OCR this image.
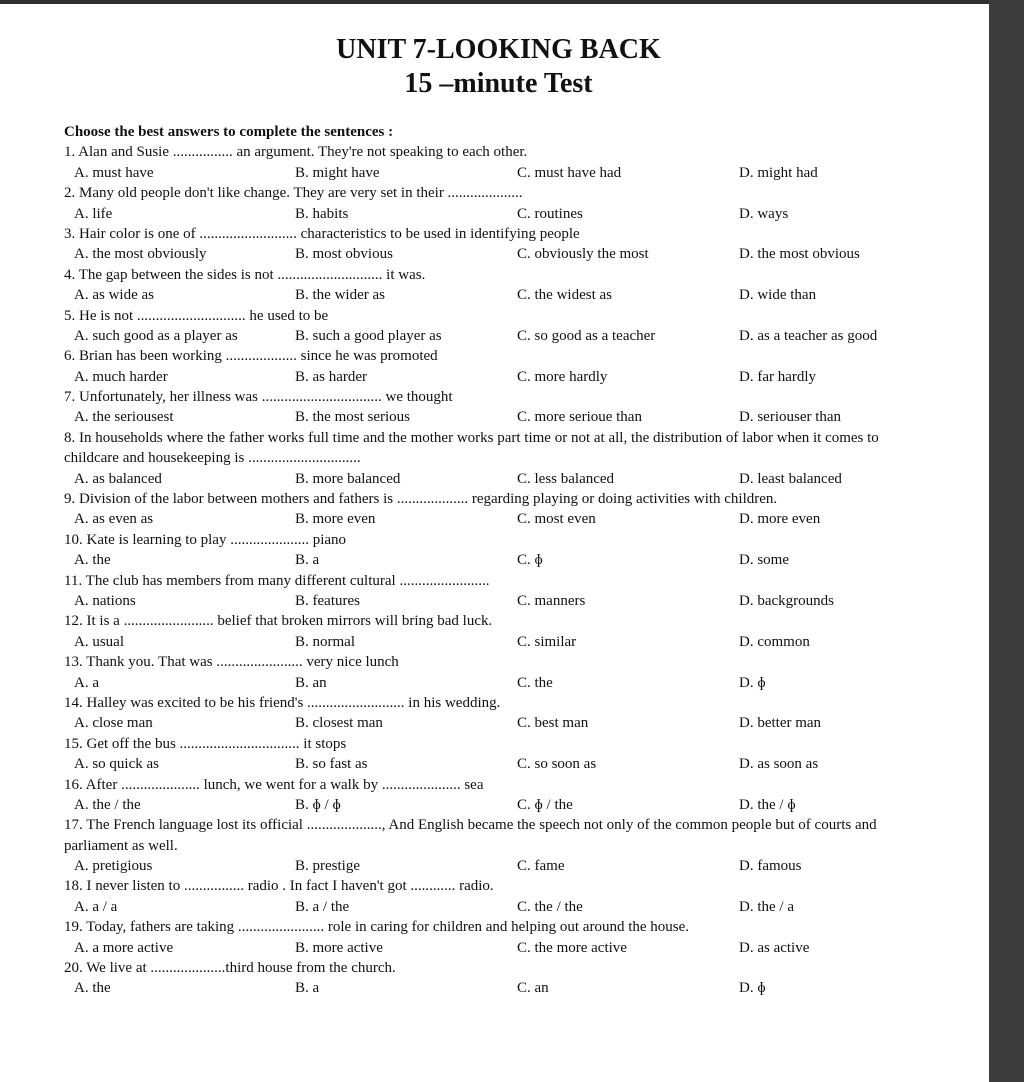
UNIT 7-LOOKING BACK
15 –minute Test
Choose the best answers to complete the sentences :
1. Alan and Susie ................ an argument. They're not speaking to each other.
A. must have	B. might have	C. must have had	D. might had
2. Many old people don't like change. They are very set in their ....................
A. life	B. habits	C. routines	D. ways
3. Hair color is one of .......................... characteristics to be used in identifying people
A. the most obviously	B. most obvious	C. obviously the most	D. the most obvious
4. The gap between the sides is not ............................ it was.
A. as wide as	B. the wider as	C. the widest as	D. wide than
5. He is not ............................. he used to be
A. such good as a player as	B. such a good player as	C. so good as a teacher	D. as a teacher as good
6. Brian has been working ................... since he was promoted
A. much harder	B. as harder	C. more hardly	D. far hardly
7. Unfortunately, her illness was ................................ we thought
A. the seriousest	B. the most serious	C. more serioue than	D. seriouser than
8. In households where the father works full time and the mother works part time or not at all, the distribution of labor when it comes to childcare and housekeeping is ..............................
A. as balanced	B. more balanced	C. less balanced	D. least balanced
9. Division of the labor between mothers and fathers is ................... regarding playing or doing activities with children.
A. as even as	B. more even	C. most even	D. more even
10. Kate is learning to play ..................... piano
A. the	B. a	C. ɸ	D. some
11. The club has members from many different cultural ........................
A. nations	B. features	C. manners	D. backgrounds
12. It is a ........................ belief that broken mirrors will bring bad luck.
A. usual	B. normal	C. similar	D. common
13. Thank you. That was ....................... very nice lunch
A. a	B. an	C. the	D. ɸ
14. Halley was excited to be his friend's .......................... in his wedding.
A. close man	B. closest man	C. best man	D. better man
15. Get off the bus ................................ it stops
A. so quick as	B. so fast as	C. so soon as	D. as soon as
16. After ..................... lunch, we went for a walk by ..................... sea
A. the / the	B. ɸ / ɸ	C. ɸ / the	D. the / ɸ
17. The French language lost its official ...................., And English became the speech not only of the common people but of courts and parliament as well.
A. pretigious	B. prestige	C. fame	D. famous
18. I never listen to ................ radio . In fact I haven't got ............ radio.
A. a / a	B. a / the	C. the / the	D. the / a
19. Today, fathers are taking ....................... role in caring for children and helping out around the house.
A. a more active	B. more active	C. the more active	D. as active
20. We live at ....................third house from the church.
A. the	B. a	C. an	D. ɸ
